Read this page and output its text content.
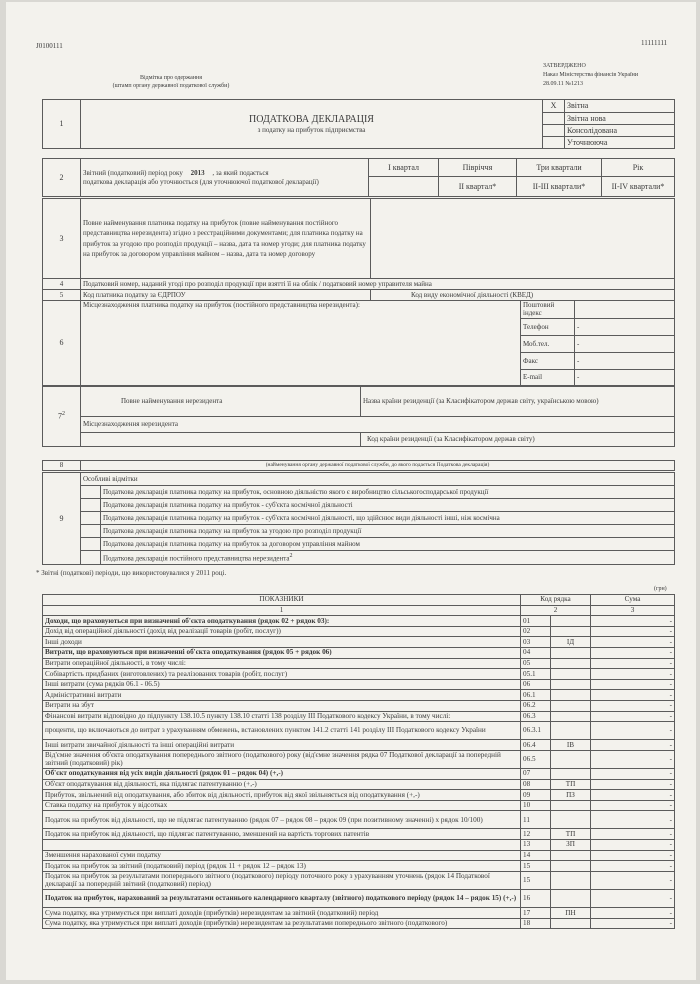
J0100111	11111111
Відмітка про одержання
(штамп органу державної податкової служби)
ЗАТВЕРДЖЕНО
Наказ Міністерства фінансів України
28.09.11 №1213
1	ПОДАТКОВА ДЕКЛАРАЦІЯ
з податку на прибуток підприємства	X	Звітна
			Звітна нова
			Консолідована
			Уточнююча
2	Звітний (податковий) період року 2013 , за який подається
податкова декларація або уточнюється (для уточнюючої податкової декларації)	I квартал	Півріччя	Три квартали	Рік
			II квартал*	II-III квартали*	II-IV квартали*
3	Повне найменування платника податку на прибуток (повне найменування постійного представництва нерезидента) згідно з реєстраційними документами; для платника податку на прибуток за угодою про розподіл продукції – назва, дата та номер угоди; для платника податку на прибуток за договором управління майном – назва, дата та номер договору	
4	Податковий номер, наданий угоді про розподіл продукції при взятті її на облік / податковий номер управителя майна	
5	Код платника податку за ЄДРПОУ	Код виду економічної діяльності (КВЕД)
6	Місцезнаходження платника податку на прибуток (постійного представництва нерезидента):	Поштовий індекс	
		Телефон	-
		Моб.тел.	-
		Факс	-
		E-mail	-
$7^2$	Повне найменування нерезидента	Назва країни резиденції (за Класифікатором держав світу, українською мовою)
	Місцезнаходження нерезидента	
		Код країни резиденції (за Класифікатором держав світу)
8	(найменування органу державної податкової служби, до якого подається Податкова декларація)
9	Особливі відмітки	
		Податкова декларація платника податку на прибуток, основною діяльністю якого є виробництво сільськогосподарської продукції
		Податкова декларація платника податку на прибуток - суб'єкта космічної діяльності
		Податкова декларація платника податку на прибуток - суб'єкта космічної діяльності, що здійснює види діяльності інші, ніж космічна
		Податкова декларація платника податку на прибуток за угодою про розподіл продукції
		Податкова декларація платника податку на прибуток за договором управління майном
		Податкова декларація постійного представництва нерезидента$^2$
* Звітні (податкові) періоди, що використовувалися у 2011 році.
(грн)
ПОКАЗНИКИ	Код рядка		Сума
1	2		3
Доходи, що враховуються при визначенні об'єкта оподаткування (рядок 02 + рядок 03):	01		-
Дохід від операційної діяльності (дохід від реалізації товарів (робіт, послуг))	02		-
Інші доходи	03	ІД	-
Витрати, що враховуються при визначенні об'єкта оподаткування (рядок 05 + рядок 06)	04		-
Витрати операційної діяльності, в тому числі:	05		-
Собівартість придбаних (виготовлених) та реалізованих товарів (робіт, послуг)	05.1		-
Інші витрати (сума рядків 06.1 - 06.5)	06		-
Адміністративні витрати	06.1		-
Витрати на збут	06.2		-
Фінансові витрати відповідно до підпункту 138.10.5 пункту 138.10 статті 138 розділу III Податкового кодексу України, в тому числі:	06.3		-
проценти, що включаються до витрат з урахуванням обмежень, встановлених пунктом 141.2 статті 141 розділу III Податкового кодексу України	06.3.1		-
Інші витрати звичайної діяльності та інші операційні витрати	06.4	ІВ	-
Від'ємне значення об'єкта оподаткування попереднього звітного (податкового) року (від'ємне значення рядка 07 Податкової декларації за попередній звітний (податковий) рік)	06.5		-
Об'єкт оподаткування від усіх видів діяльності (рядок 01 – рядок 04) (+,-)	07		-
Об'єкт оподаткування від діяльності, яка підлягає патентуванню (+,-)	08	ТП	-
Прибуток, звільнений від оподаткування, або збиток від діяльності, прибуток від якої звільняється від оподаткування (+,-)	09	ПЗ	-
Ставка податку на прибуток у відсотках	10		-
Податок на прибуток від діяльності, що не підлягає патентуванню (рядок 07 – рядок 08 – рядок 09 (при позитивному значенні) х рядок 10/100)	11		-
Податок на прибуток від діяльності, що підлягає патентуванню, зменшений на вартість торгових патентів	12	ТП	-
	13	ЗП	-
Зменшення нарахованої суми податку	14		-
Податок на прибуток за звітний (податковий) період (рядок 11 + рядок 12 – рядок 13)	15		-
Податок на прибуток за результатами попереднього звітного (податкового) періоду поточного року з урахуванням уточнень (рядок 14 Податкової декларації за попередній звітний (податковий) період)	15		-
Податок на прибуток, нарахований за результатами останнього календарного кварталу (звітного) податкового періоду (рядок 14 – рядок 15) (+,-)	16		-
Сума податку, яка утримується при виплаті доходів (прибутків) нерезидентам за звітний (податковий) період	17	ПН	-
Сума податку, яка утримується при виплаті доходів (прибутків) нерезидентам за результатами попереднього звітного (податкового)	18		-
